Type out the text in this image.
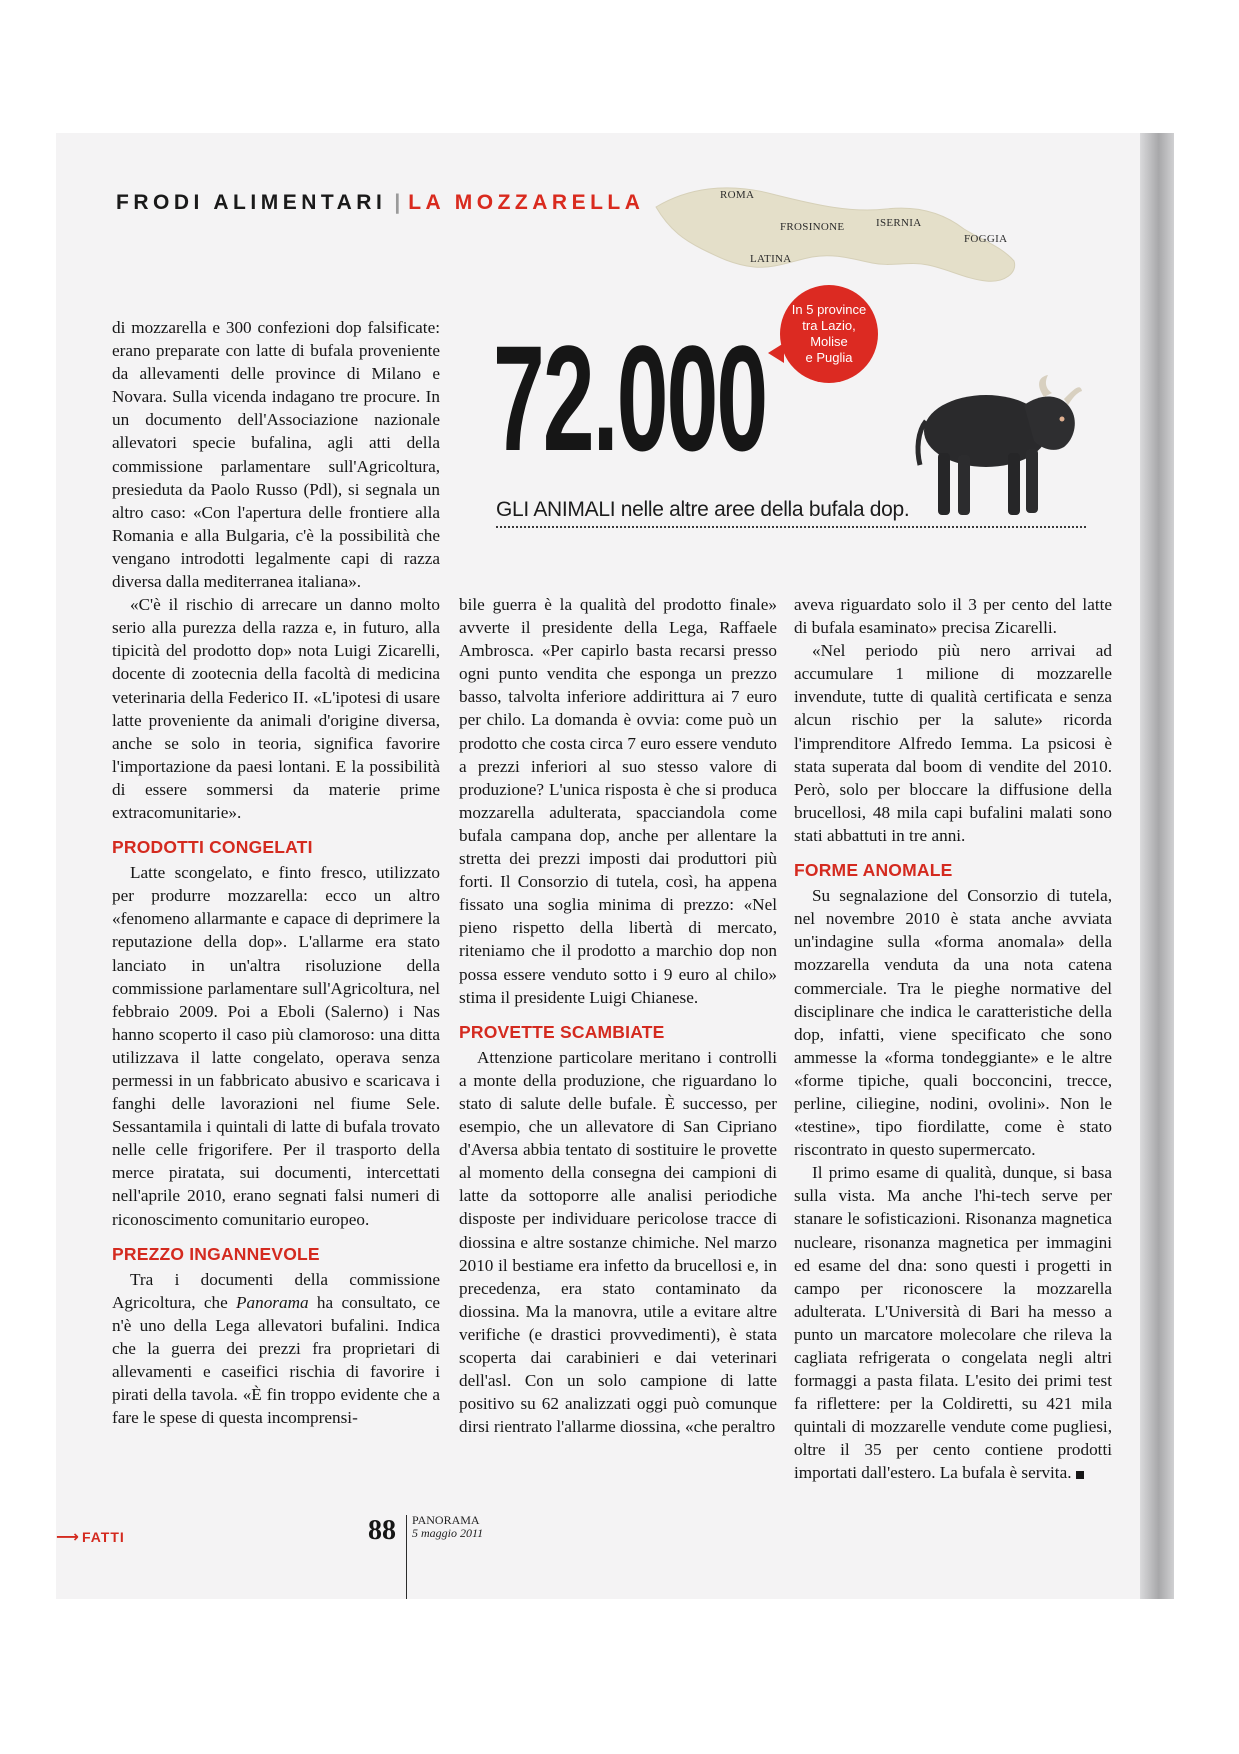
FRODI ALIMENTARI | LA MOZZARELLA	ROMA
FROSINONE	ISERNIA
LATINA
FOGGIA
In 5 province
tra Lazio,
Molise
e Puglia
72.000
GLI ANIMALI nelle altre aree della bufala dop.

di mozzarella e 300 confezioni dop falsificate: erano preparate con latte di bufala proveniente da allevamenti delle province di Milano e Novara. Sulla vicenda indagano tre procure. In un documento dell'Associazione nazionale allevatori specie bufalina, agli atti della commissione parlamentare sull'Agricoltura, presieduta da Paolo Russo (Pdl), si segnala un altro caso: «Con l'apertura delle frontiere alla Romania e alla Bulgaria, c'è la possibilità che vengano introdotti legalmente capi di razza diversa dalla mediterranea italiana».

«C'è il rischio di arrecare un danno molto serio alla purezza della razza e, in futuro, alla tipicità del prodotto dop» nota Luigi Zicarelli, docente di zootecnia della facoltà di medicina veterinaria della Federico II. «L'ipotesi di usare latte proveniente da animali d'origine diversa, anche se solo in teoria, significa favorire l'importazione da paesi lontani. E la possibilità di essere sommersi da materie prime extracomunitarie».

PRODOTTI CONGELATI

Latte scongelato, e finto fresco, utilizzato per produrre mozzarella: ecco un altro «fenomeno allarmante e capace di deprimere la reputazione della dop». L'allarme era stato lanciato in un'altra risoluzione della commissione parlamentare sull'Agricoltura, nel febbraio 2009. Poi a Eboli (Salerno) i Nas hanno scoperto il caso più clamoroso: una ditta utilizzava il latte congelato, operava senza permessi in un fabbricato abusivo e scaricava i fanghi delle lavorazioni nel fiume Sele. Sessantamila i quintali di latte di bufala trovato nelle celle frigorifere. Per il trasporto della merce piratata, sui documenti, intercettati nell'aprile 2010, erano segnati falsi numeri di riconoscimento comunitario europeo.

PREZZO INGANNEVOLE

Tra i documenti della commissione Agricoltura, che Panorama ha consultato, ce n'è uno della Lega allevatori bufalini. Indica che la guerra dei prezzi fra proprietari di allevamenti e caseifici rischia di favorire i pirati della tavola. «È fin troppo evidente che a fare le spese di questa incomprensi-

bile guerra è la qualità del prodotto finale» avverte il presidente della Lega, Raffaele Ambrosca. «Per capirlo basta recarsi presso ogni punto vendita che esponga un prezzo basso, talvolta inferiore addirittura ai 7 euro per chilo. La domanda è ovvia: come può un prodotto che costa circa 7 euro essere venduto a prezzi inferiori al suo stesso valore di produzione? L'unica risposta è che si produca mozzarella adulterata, spacciandola come bufala campana dop, anche per allentare la stretta dei prezzi imposti dai produttori più forti. Il Consorzio di tutela, così, ha appena fissato una soglia minima di prezzo: «Nel pieno rispetto della libertà di mercato, riteniamo che il prodotto a marchio dop non possa essere venduto sotto i 9 euro al chilo» stima il presidente Luigi Chianese.

PROVETTE SCAMBIATE

Attenzione particolare meritano i controlli a monte della produzione, che riguardano lo stato di salute delle bufale. È successo, per esempio, che un allevatore di San Cipriano d'Aversa abbia tentato di sostituire le provette al momento della consegna dei campioni di latte da sottoporre alle analisi periodiche disposte per individuare pericolose tracce di diossina e altre sostanze chimiche. Nel marzo 2010 il bestiame era infetto da brucellosi e, in precedenza, era stato contaminato da diossina. Ma la manovra, utile a evitare altre verifiche (e drastici provvedimenti), è stata scoperta dai carabinieri e dai veterinari dell'asl. Con un solo campione di latte positivo su 62 analizzati oggi può comunque dirsi rientrato l'allarme diossina, «che peraltro

aveva riguardato solo il 3 per cento del latte di bufala esaminato» precisa Zicarelli.

«Nel periodo più nero arrivai ad accumulare 1 milione di mozzarelle invendute, tutte di qualità certificata e senza alcun rischio per la salute» ricorda l'imprenditore Alfredo Iemma. La psicosi è stata superata dal boom di vendite del 2010. Però, solo per bloccare la diffusione della brucellosi, 48 mila capi bufalini malati sono stati abbattuti in tre anni.

FORME ANOMALE

Su segnalazione del Consorzio di tutela, nel novembre 2010 è stata anche avviata un'indagine sulla «forma anomala» della mozzarella venduta da una nota catena commerciale. Tra le pieghe normative del disciplinare che indica le caratteristiche della dop, infatti, viene specificato che sono ammesse la «forma tondeggiante» e le altre «forme tipiche, quali bocconcini, trecce, perline, ciliegine, nodini, ovolini». Non le «testine», tipo fiordilatte, come è stato riscontrato in questo supermercato.

Il primo esame di qualità, dunque, si basa sulla vista. Ma anche l'hi-tech serve per stanare le sofisticazioni. Risonanza magnetica nucleare, risonanza magnetica per immagini ed esame del dna: sono questi i progetti in campo per riconoscere la mozzarella adulterata. L'Università di Bari ha messo a punto un marcatore molecolare che rileva la cagliata refrigerata o congelata negli altri formaggi a pasta filata. L'esito dei primi test fa riflettere: per la Coldiretti, su 421 mila quintali di mozzarelle vendute come pugliesi, oltre il 35 per cento contiene prodotti importati dall'estero. La bufala è servita.

⟶ FATTI	88 PANORAMA
5 maggio 2011
